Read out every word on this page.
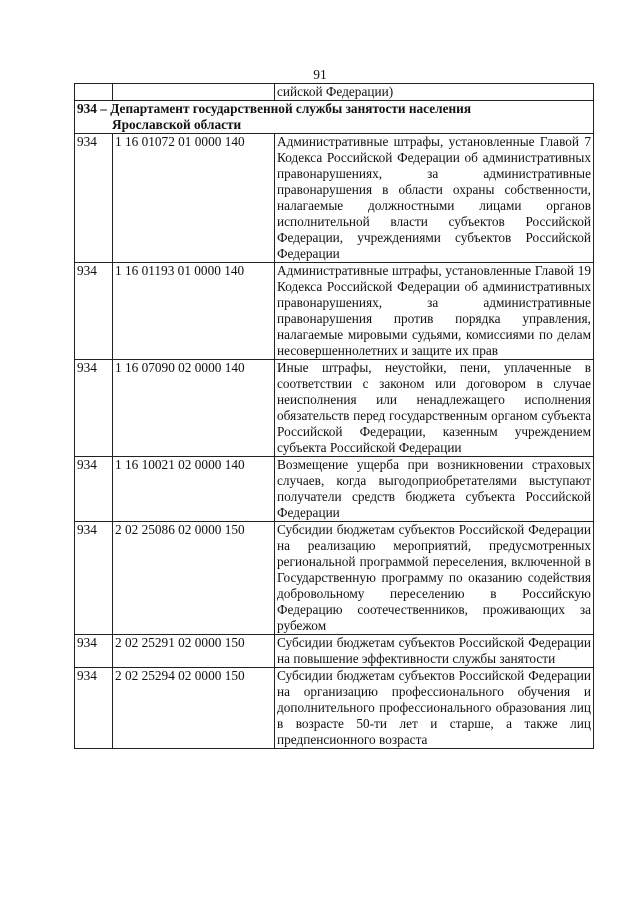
91
		сийской Федерации)

934 – Департамент государственной службы занятости населения
Ярославской области		

934	1 16 01072 01 0000 140	Административные штрафы, установленные Главой 7 Кодекса Российской Федерации об административных правонарушениях, за административные правонарушения в области охраны собственности, налагаемые должностными лицами органов исполнительной власти субъектов Российской Федерации, учреждениями субъектов Российской Федерации
934	1 16 01193 01 0000 140	Административные штрафы, установленные Главой 19 Кодекса Российской Федерации об административных правонарушениях, за административные правонарушения против порядка управления, налагаемые мировыми судьями, комиссиями по делам несовершеннолетних и защите их прав
934	1 16 07090 02 0000 140	Иные штрафы, неустойки, пени, уплаченные в соответствии с законом или договором в случае неисполнения или ненадлежащего исполнения обязательств перед государственным органом субъекта Российской Федерации, казенным учреждением субъекта Российской Федерации
934	1 16 10021 02 0000 140	Возмещение ущерба при возникновении страховых случаев, когда выгодоприобретателями выступают получатели средств бюджета субъекта Российской Федерации
934	2 02 25086 02 0000 150	Субсидии бюджетам субъектов Российской Федерации на реализацию мероприятий, предусмотренных региональной программой переселения, включенной в Государственную программу по оказанию содействия добровольному переселению в Российскую Федерацию соотечественников, проживающих за рубежом
934	2 02 25291 02 0000 150	Субсидии бюджетам субъектов Российской Федерации на повышение эффективности службы занятости
934	2 02 25294 02 0000 150	Субсидии бюджетам субъектов Российской Федерации на организацию профессионального обучения и дополнительного профессионального образования лиц в возрасте 50-ти лет и старше, а также лиц предпенсионного возраста
